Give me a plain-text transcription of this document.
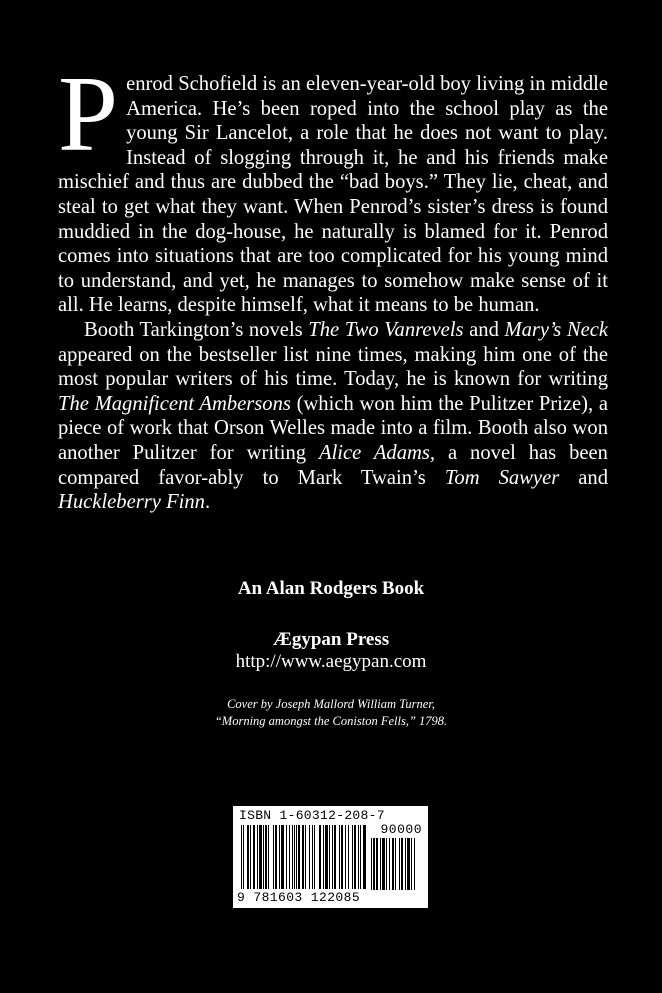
Penrod Schofield is an eleven-year-old boy living in middle America. He’s been roped into the school play as the young Sir Lancelot, a role that he does not want to play. Instead of slogging through it, he and his friends make mischief and thus are dubbed the “bad boys.” They lie, cheat, and steal to get what they want. When Penrod’s sister’s dress is found muddied in the dog-house, he naturally is blamed for it. Penrod comes into situations that are too complicated for his young mind to understand, and yet, he manages to somehow make sense of it all. He learns, despite himself, what it means to be human.

Booth Tarkington’s novels The Two Vanrevels and Mary’s Neck appeared on the bestseller list nine times, making him one of the most popular writers of his time. Today, he is known for writing The Magnificent Ambersons (which won him the Pulitzer Prize), a piece of work that Orson Welles made into a film. Booth also won another Pulitzer for writing Alice Adams, a novel has been compared favor-ably to Mark Twain’s Tom Sawyer and Huckleberry Finn.

An Alan Rodgers Book
Ægypan Press
http://www.aegypan.com
Cover by Joseph Mallord William Turner,
“Morning amongst the Coniston Fells,” 1798.
ISBN 1-60312-208-7
90000
9 781603 122085
